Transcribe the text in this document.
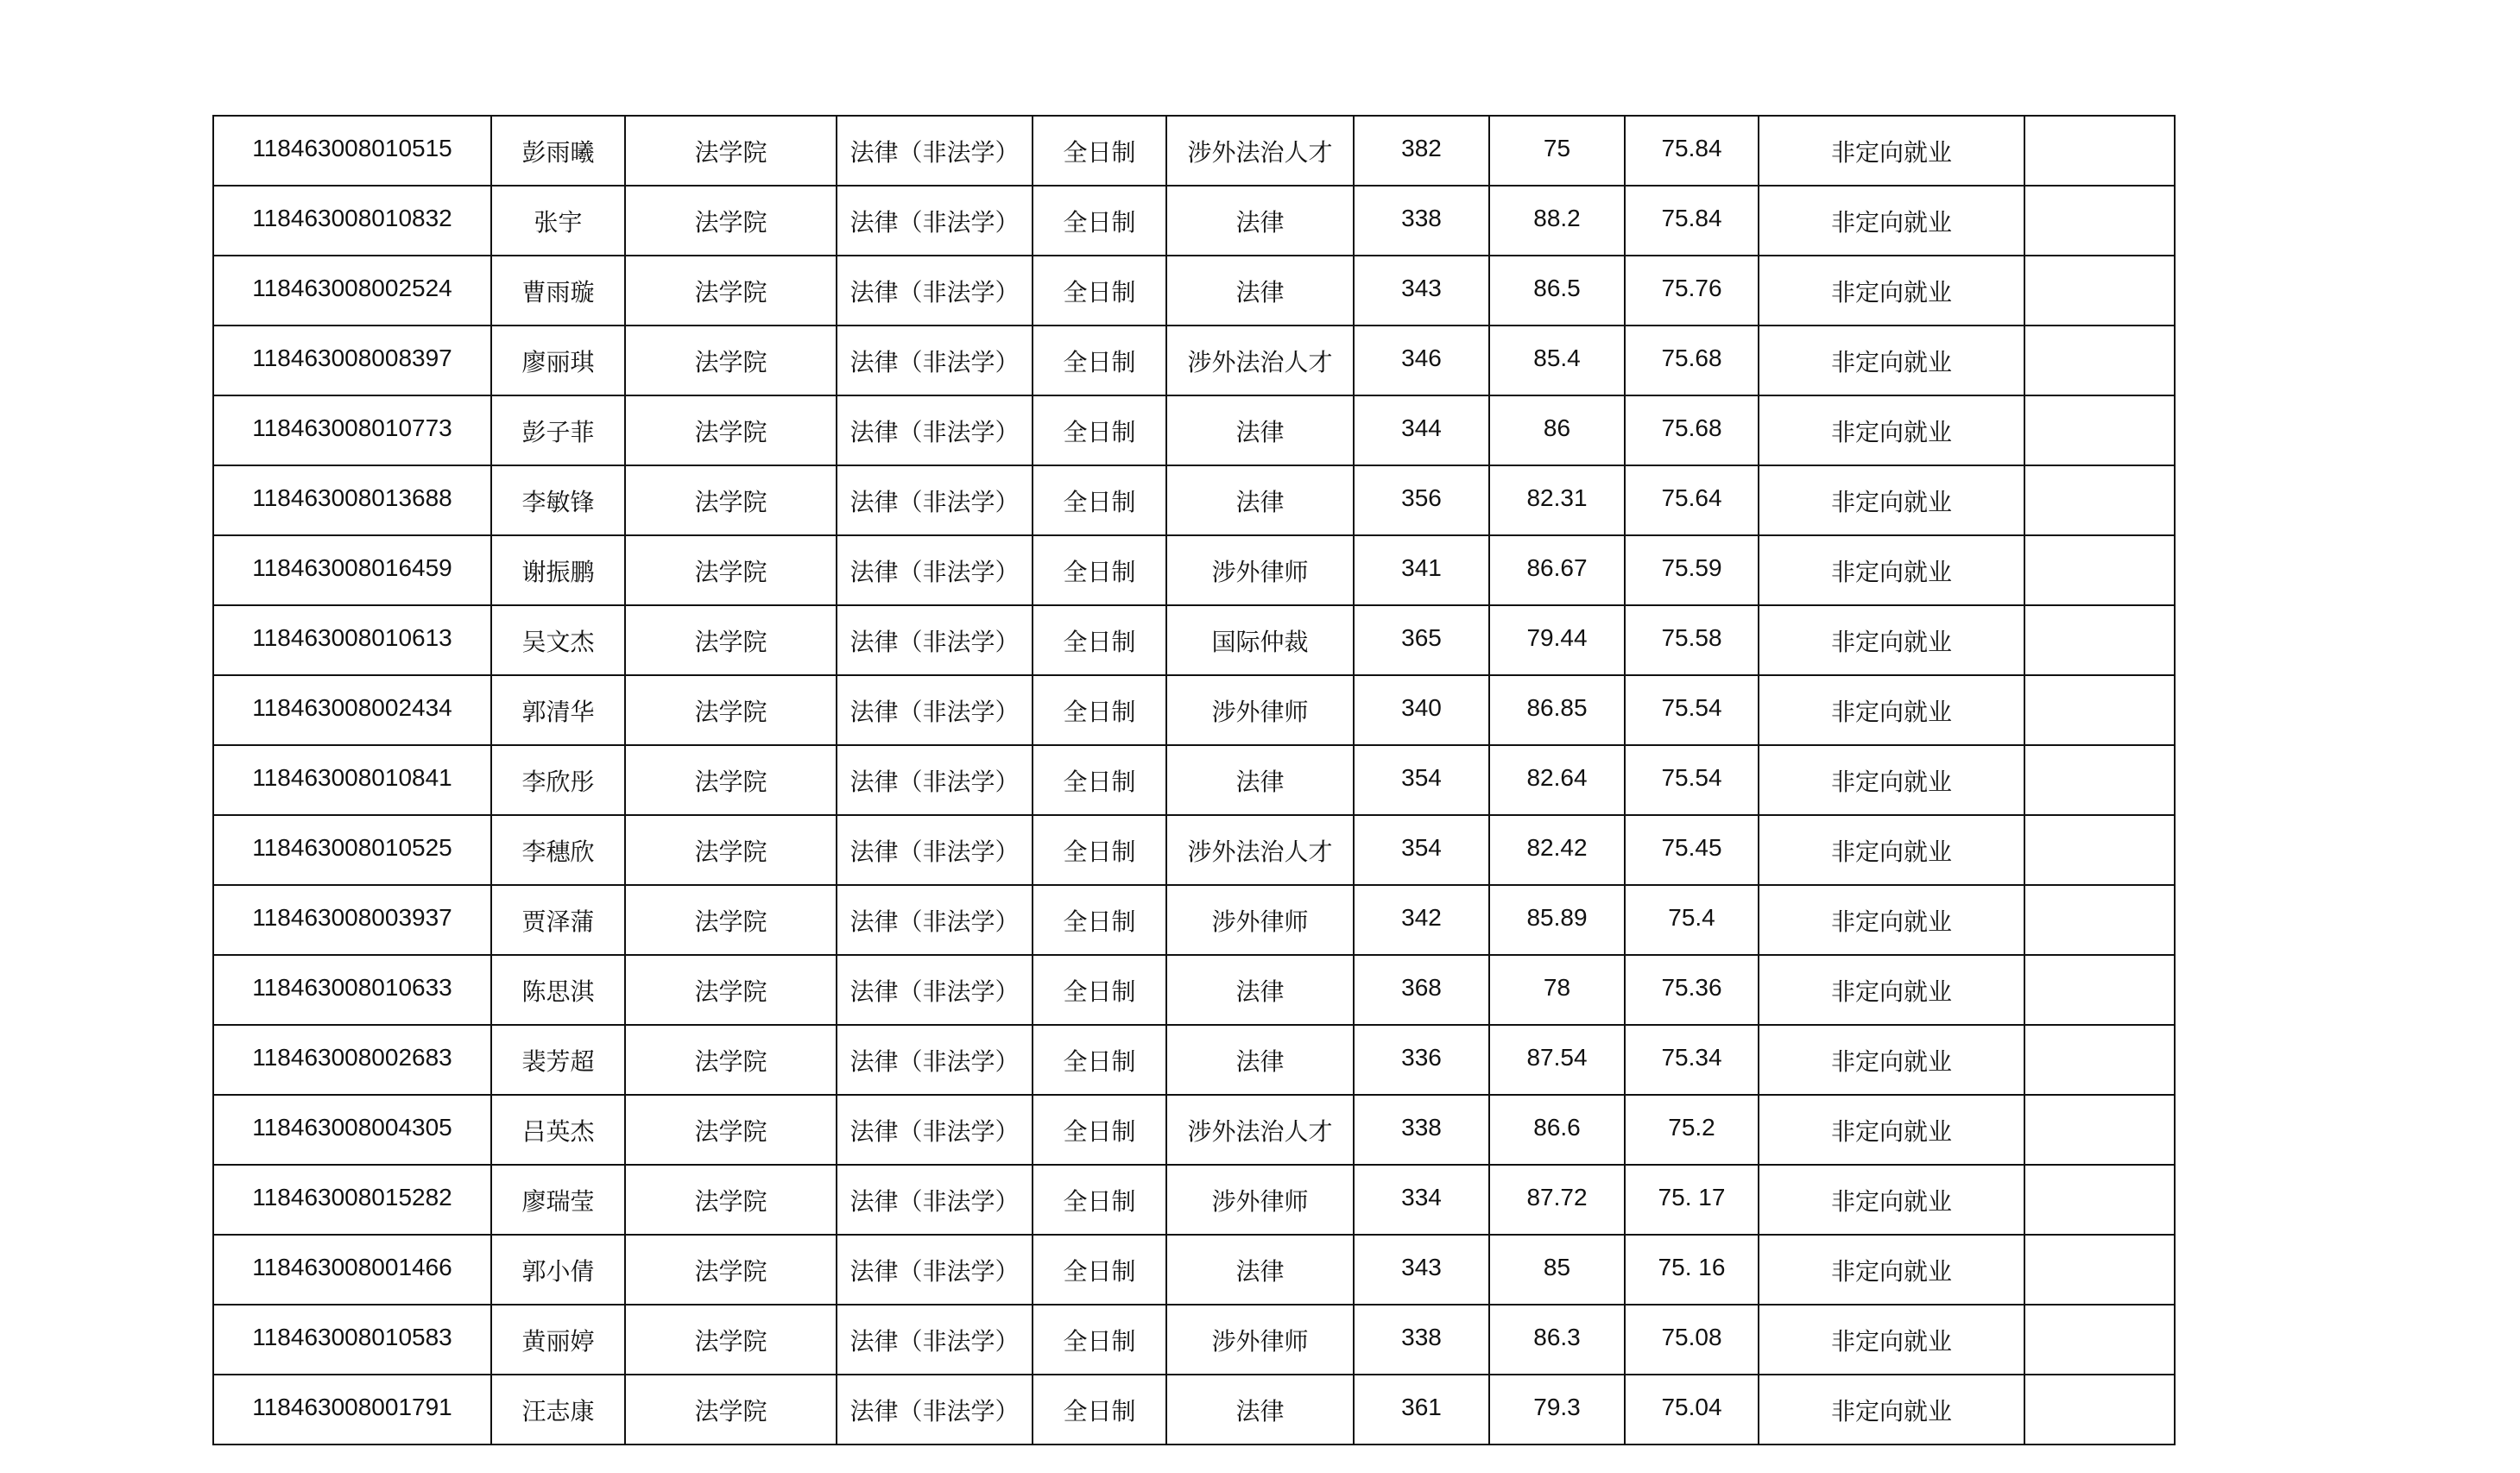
118463008010515	彭雨曦	法学院	法律（非法学）	全日制	涉外法治人才	382	75	75.84	非定向就业	
118463008010832	张宇	法学院	法律（非法学）	全日制	法律	338	88.2	75.84	非定向就业	
118463008002524	曹雨璇	法学院	法律（非法学）	全日制	法律	343	86.5	75.76	非定向就业	
118463008008397	廖丽琪	法学院	法律（非法学）	全日制	涉外法治人才	346	85.4	75.68	非定向就业	
118463008010773	彭子菲	法学院	法律（非法学）	全日制	法律	344	86	75.68	非定向就业	
118463008013688	李敏锋	法学院	法律（非法学）	全日制	法律	356	82.31	75.64	非定向就业	
118463008016459	谢振鹏	法学院	法律（非法学）	全日制	涉外律师	341	86.67	75.59	非定向就业	
118463008010613	吴文杰	法学院	法律（非法学）	全日制	国际仲裁	365	79.44	75.58	非定向就业	
118463008002434	郭清华	法学院	法律（非法学）	全日制	涉外律师	340	86.85	75.54	非定向就业	
118463008010841	李欣彤	法学院	法律（非法学）	全日制	法律	354	82.64	75.54	非定向就业	
118463008010525	李穗欣	法学院	法律（非法学）	全日制	涉外法治人才	354	82.42	75.45	非定向就业	
118463008003937	贾泽蒲	法学院	法律（非法学）	全日制	涉外律师	342	85.89	75.4	非定向就业	
118463008010633	陈思淇	法学院	法律（非法学）	全日制	法律	368	78	75.36	非定向就业	
118463008002683	裴芳超	法学院	法律（非法学）	全日制	法律	336	87.54	75.34	非定向就业	
118463008004305	吕英杰	法学院	法律（非法学）	全日制	涉外法治人才	338	86.6	75.2	非定向就业	
118463008015282	廖瑞莹	法学院	法律（非法学）	全日制	涉外律师	334	87.72	75. 17	非定向就业	
118463008001466	郭小倩	法学院	法律（非法学）	全日制	法律	343	85	75. 16	非定向就业	
118463008010583	黄丽婷	法学院	法律（非法学）	全日制	涉外律师	338	86.3	75.08	非定向就业	
118463008001791	汪志康	法学院	法律（非法学）	全日制	法律	361	79.3	75.04	非定向就业	
